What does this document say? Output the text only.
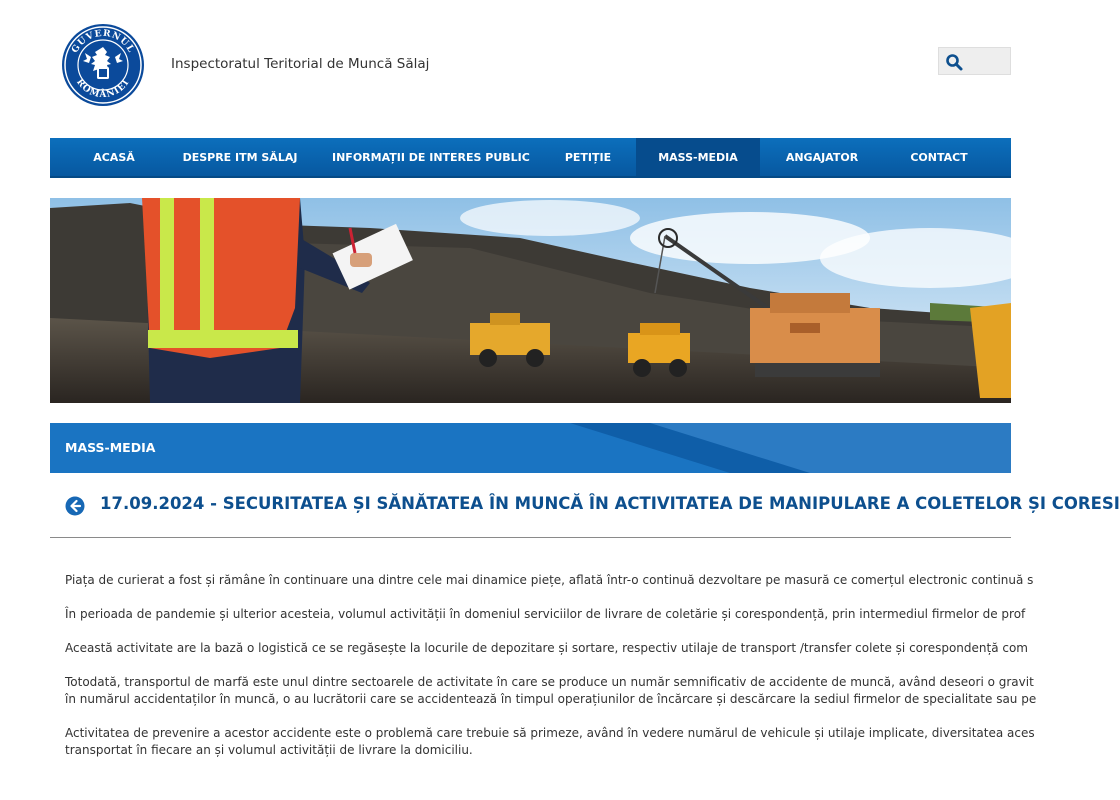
GUVERNUL
ROMÂNIEI
Inspectoratul Teritorial de Muncă Sălaj
ACASĂ	DESPRE ITM SĂLAJ	INFORMAȚII DE INTERES PUBLIC	PETIȚIE	MASS-MEDIA	ANGAJATOR	CONTACT
MASS-MEDIA
17.09.2024 - SECURITATEA ȘI SĂNĂTATEA ÎN MUNCĂ ÎN ACTIVITATEA DE MANIPULARE A COLETELOR ȘI CORESI

Piața de curierat a fost și rămâne în continuare una dintre cele mai dinamice piețe, aflată într-o continuă dezvoltare pe masură ce comerțul electronic continuă s

În perioada de pandemie și ulterior acesteia, volumul activității în domeniul serviciilor de livrare de coletărie și corespondență, prin intermediul firmelor de prof

Această activitate are la bază o logistică ce se regăsește la locurile de depozitare și sortare, respectiv utilaje de transport /transfer colete și corespondență com

Totodată, transportul de marfă este unul dintre sectoarele de activitate în care se produce un număr semnificativ de accidente de muncă, având deseori o gravit
în numărul accidentaților în muncă, o au lucrătorii care se accidentează în timpul operațiunilor de încărcare și descărcare la sediul firmelor de specialitate sau pe

Activitatea de prevenire a acestor accidente este o problemă care trebuie să primeze, având în vedere numărul de vehicule și utilaje implicate, diversitatea aces
transportat în fiecare an și volumul activității de livrare la domiciliu.
